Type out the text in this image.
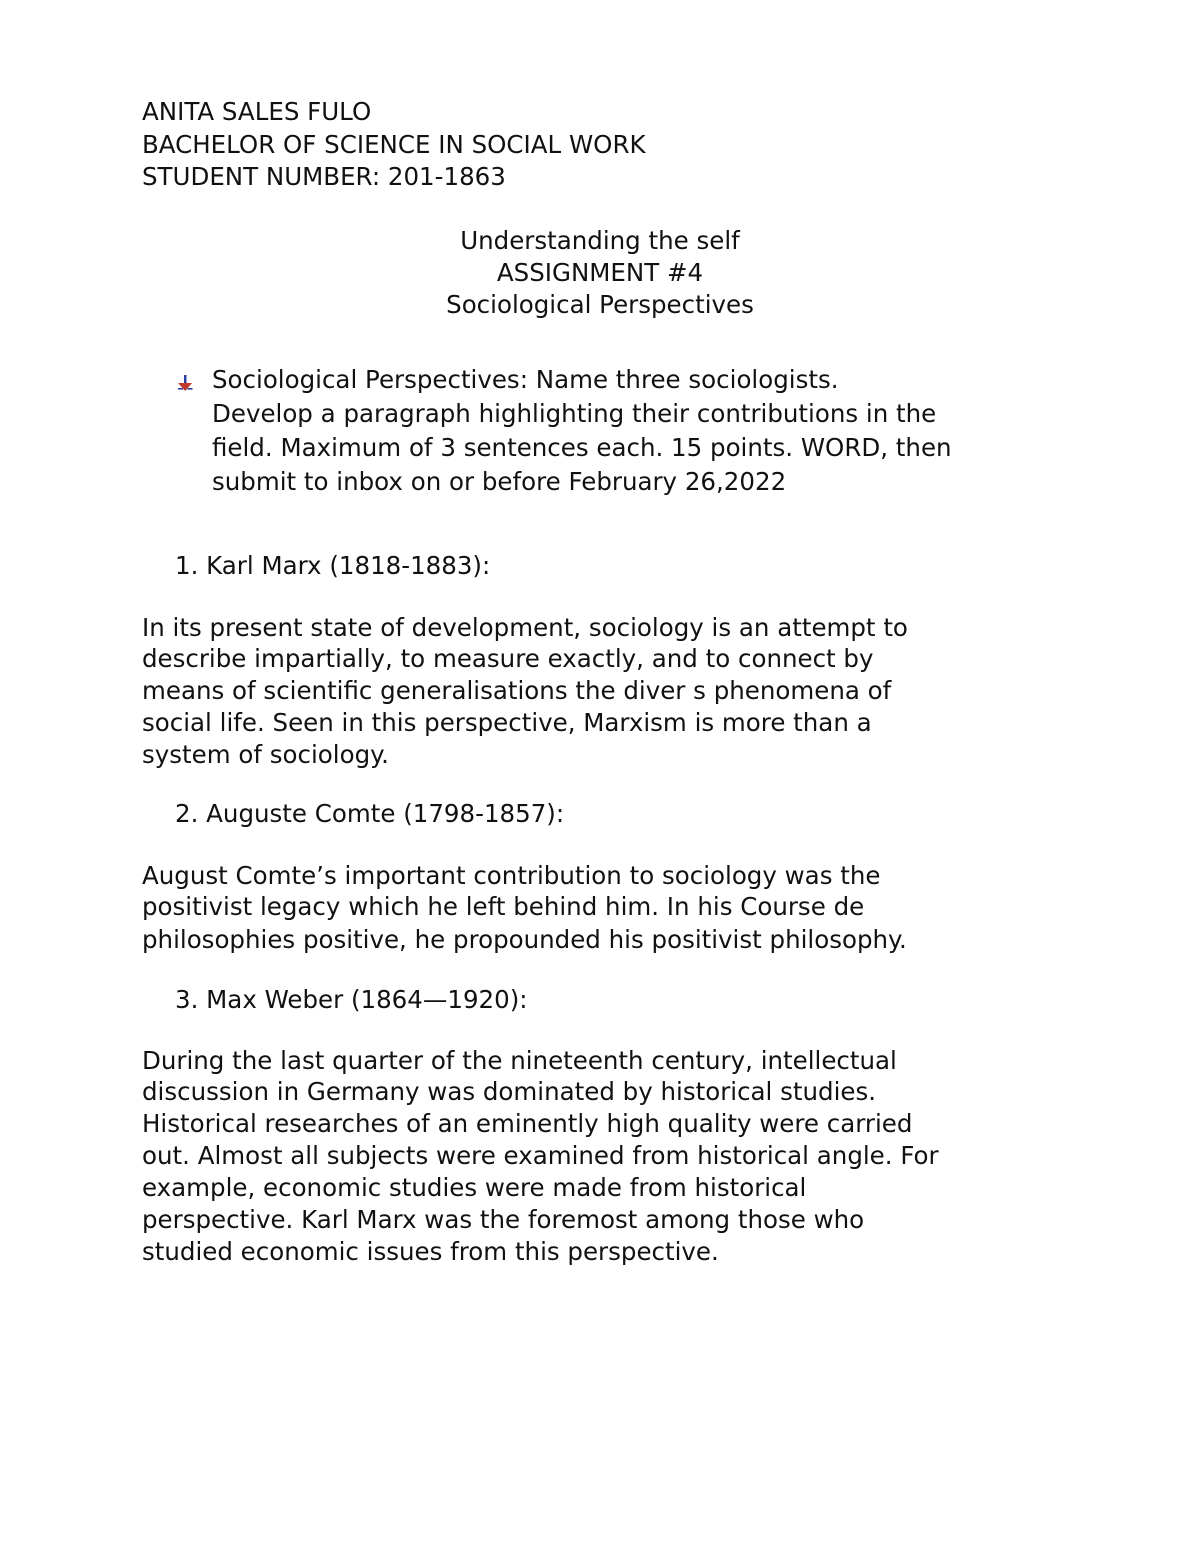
ANITA SALES FULO

BACHELOR OF SCIENCE IN SOCIAL WORK

STUDENT NUMBER: 201-1863

Understanding the self

ASSIGNMENT #4

Sociological Perspectives

Sociological Perspectives: Name three sociologists.

Develop a paragraph highlighting their contributions in the

field. Maximum of 3 sentences each. 15 points. WORD, then

submit to inbox on or before February 26,2022

1. Karl Marx (1818-1883):

In its present state of development, sociology is an attempt to

describe impartially, to measure exactly, and to connect by

means of scientific generalisations the diver s phenomena of

social life. Seen in this perspective, Marxism is more than a

system of sociology.

2. Auguste Comte (1798-1857):

August Comte’s important contribution to sociology was the

positivist legacy which he left behind him. In his Course de

philosophies positive, he propounded his positivist philosophy.

3. Max Weber (1864—1920):

During the last quarter of the nineteenth century, intellectual

discussion in Germany was dominated by historical studies.

Historical researches of an eminently high quality were carried

out. Almost all subjects were examined from historical angle. For

example, economic studies were made from historical

perspective. Karl Marx was the foremost among those who

studied economic issues from this perspective.
